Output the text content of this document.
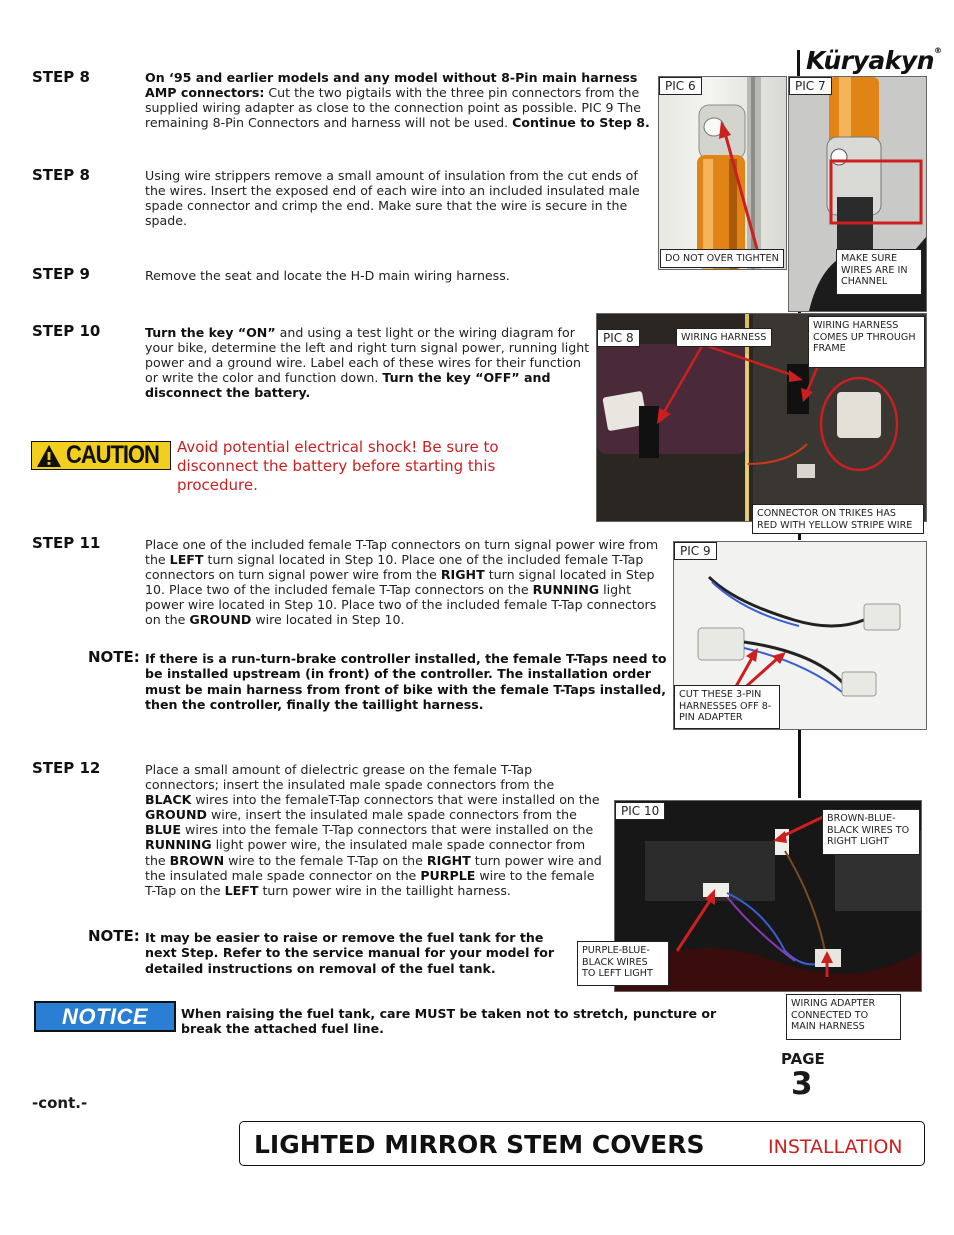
Küryakyn®
STEP 8	On ‘95 and earlier models and any model without 8-Pin main harness AMP connectors: Cut the two pigtails with the three pin connectors from the supplied wiring adapter as close to the connection point as possible. PIC 9 The remaining 8-Pin Connectors and harness will not be used. Continue to Step 8.
STEP 8	Using wire strippers remove a small amount of insulation from the cut ends of the wires. Insert the exposed end of each wire into an included insulated male spade connector and crimp the end. Make sure that the wire is secure in the spade.
STEP 9	Remove the seat and locate the H-D main wiring harness.
STEP 10	Turn the key “ON” and using a test light or the wiring diagram for your bike, determine the left and right turn signal power, running light power and a ground wire. Label each of these wires for their function or write the color and function down. Turn the key “OFF” and disconnect the battery.
CAUTION Avoid potential electrical shock! Be sure to disconnect the battery before starting this procedure.
STEP 11	Place one of the included female T-Tap connectors on turn signal power wire from the LEFT turn signal located in Step 10. Place one of the included female T-Tap connectors on turn signal power wire from the RIGHT turn signal located in Step 10. Place two of the included female T-Tap connectors on the RUNNING light power wire located in Step 10. Place two of the included female T-Tap connectors on the GROUND wire located in Step 10.
NOTE: If there is a run-turn-brake controller installed, the female T-Taps need to be installed upstream (in front) of the controller. The installation order must be main harness from front of bike with the female T-Taps installed, then the controller, finally the taillight harness.
STEP 12	Place a small amount of dielectric grease on the female T-Tap connectors; insert the insulated male spade connectors from the BLACK wires into the femaleT-Tap connectors that were installed on the GROUND wire, insert the insulated male spade connectors from the BLUE wires into the female T-Tap connectors that were installed on the RUNNING light power wire, the insulated male spade connector from the BROWN wire to the female T-Tap on the RIGHT turn power wire and the insulated male spade connector on the PURPLE wire to the female T-Tap on the LEFT turn power wire in the taillight harness.
NOTE: It may be easier to raise or remove the fuel tank for the next Step. Refer to the service manual for your model for detailed instructions on removal of the fuel tank.
NOTICE	When raising the fuel tank, care MUST be taken not to stretch, puncture or break the attached fuel line.
PIC 6
DO NOT OVER TIGHTEN
PIC 7
MAKE SURE WIRES ARE IN CHANNEL
PIC 8	WIRING HARNESS
WIRING HARNESS COMES UP THROUGH FRAME
CONNECTOR ON TRIKES HAS RED WITH YELLOW STRIPE WIRE
PIC 9
CUT THESE 3-PIN HARNESSES OFF 8-PIN ADAPTER
PIC 10
BROWN-BLUE-BLACK WIRES TO RIGHT LIGHT
PURPLE-BLUE-BLACK WIRES TO LEFT LIGHT
WIRING ADAPTER CONNECTED TO MAIN HARNESS
PAGE
3
-cont.-
LIGHTED MIRROR STEM COVERS	INSTALLATION
